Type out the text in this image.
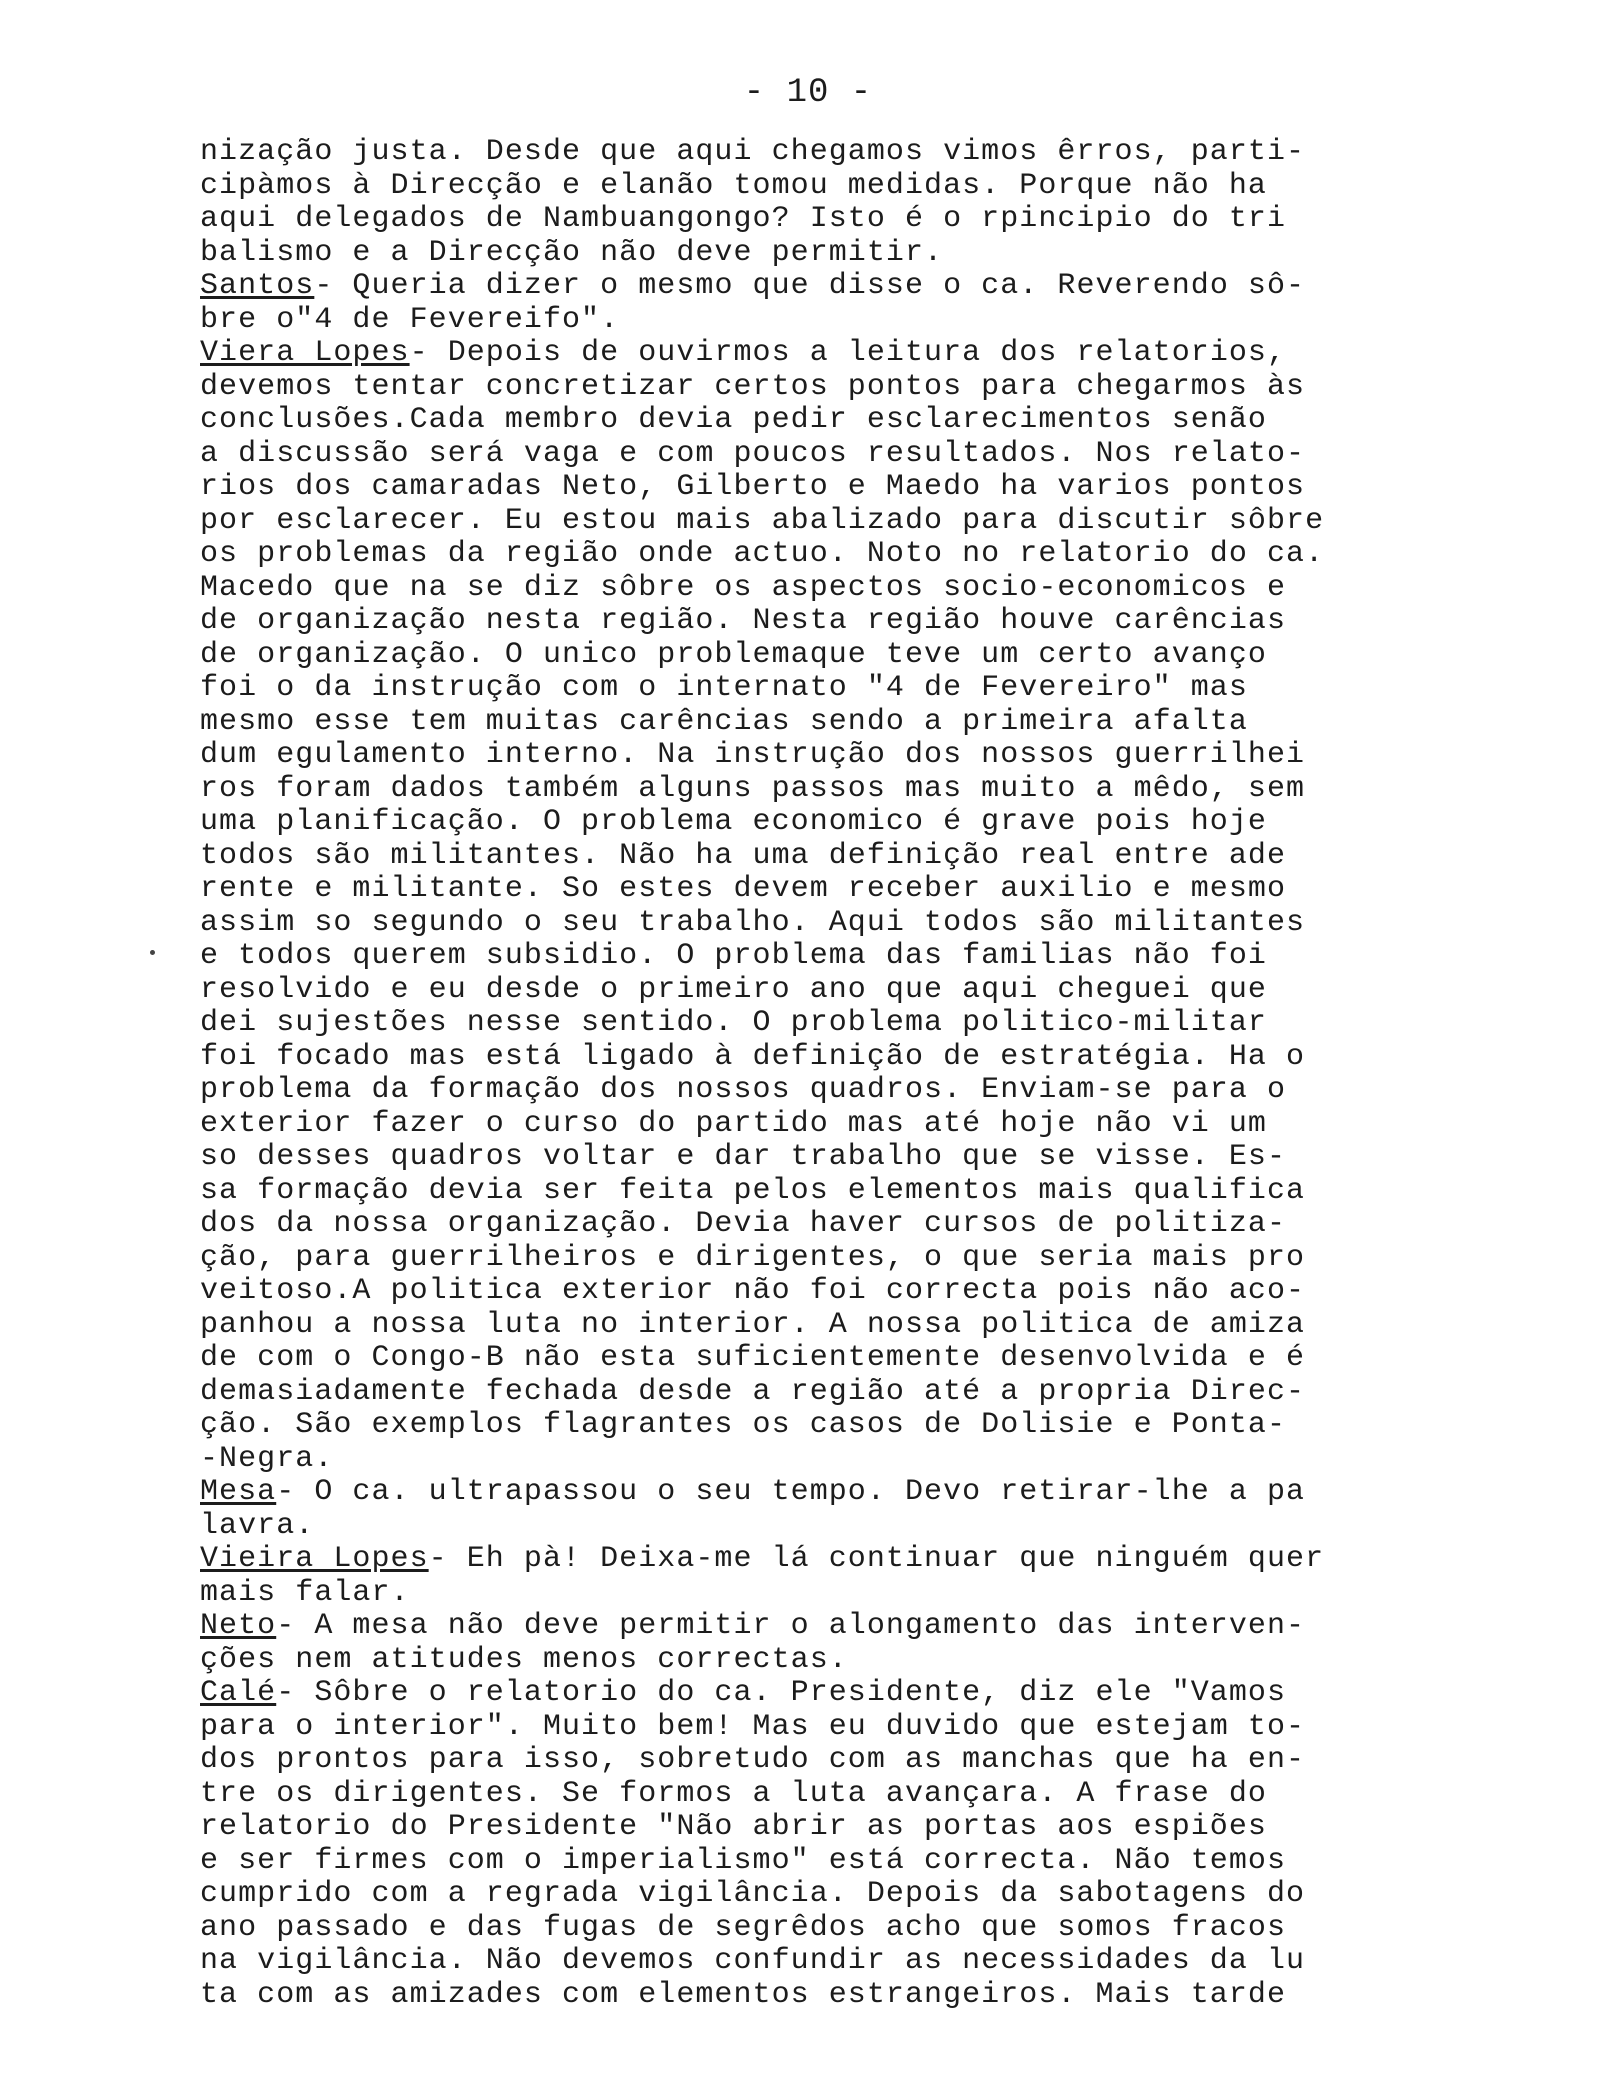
- 10 -
nização justa. Desde que aqui chegamos vimos êrros, parti-
cipàmos à Direcção e elanão tomou medidas. Porque não ha
aqui delegados de Nambuangongo? Isto é o rpincipio do tri
balismo e a Direcção não deve permitir.
Santos- Queria dizer o mesmo que disse o ca. Reverendo sô-
bre o"4 de Fevereifo".
Viera Lopes- Depois de ouvirmos a leitura dos relatorios,
devemos tentar concretizar certos pontos para chegarmos às
conclusões.Cada membro devia pedir esclarecimentos senão
a discussão será vaga e com poucos resultados. Nos relato-
rios dos camaradas Neto, Gilberto e Maedo ha varios pontos
por esclarecer. Eu estou mais abalizado para discutir sôbre
os problemas da região onde actuo. Noto no relatorio do ca.
Macedo que na se diz sôbre os aspectos socio-economicos e
de organização nesta região. Nesta região houve carências
de organização. O unico problemaque teve um certo avanço
foi o da instrução com o internato "4 de Fevereiro" mas
mesmo esse tem muitas carências sendo a primeira afalta
dum egulamento interno. Na instrução dos nossos guerrilhei
ros foram dados também alguns passos mas muito a mêdo, sem
uma planificação. O problema economico é grave pois hoje
todos são militantes. Não ha uma definição real entre ade
rente e militante. So estes devem receber auxilio e mesmo
assim so segundo o seu trabalho. Aqui todos são militantes
e todos querem subsidio. O problema das familias não foi
resolvido e eu desde o primeiro ano que aqui cheguei que
dei sujestões nesse sentido. O problema politico-militar
foi focado mas está ligado à definição de estratégia. Ha o
problema da formação dos nossos quadros. Enviam-se para o
exterior fazer o curso do partido mas até hoje não vi um
so desses quadros voltar e dar trabalho que se visse. Es-
sa formação devia ser feita pelos elementos mais qualifica
dos da nossa organização. Devia haver cursos de politiza-
ção, para guerrilheiros e dirigentes, o que seria mais pro
veitoso.A politica exterior não foi correcta pois não aco-
panhou a nossa luta no interior. A nossa politica de amiza
de com o Congo-B não esta suficientemente desenvolvida e é
demasiadamente fechada desde a região até a propria Direc-
ção. São exemplos flagrantes os casos de Dolisie e Ponta-
-Negra.
Mesa- O ca. ultrapassou o seu tempo. Devo retirar-lhe a pa
lavra.
Vieira Lopes- Eh pà! Deixa-me lá continuar que ninguém quer
mais falar.
Neto- A mesa não deve permitir o alongamento das interven-
ções nem atitudes menos correctas.
Calé- Sôbre o relatorio do ca. Presidente, diz ele "Vamos
para o interior". Muito bem! Mas eu duvido que estejam to-
dos prontos para isso, sobretudo com as manchas que ha en-
tre os dirigentes. Se formos a luta avançara. A frase do
relatorio do Presidente "Não abrir as portas aos espiões
e ser firmes com o imperialismo" está correcta. Não temos
cumprido com a regrada vigilância. Depois da sabotagens do
ano passado e das fugas de segrêdos acho que somos fracos
na vigilância. Não devemos confundir as necessidades da lu
ta com as amizades com elementos estrangeiros. Mais tarde
